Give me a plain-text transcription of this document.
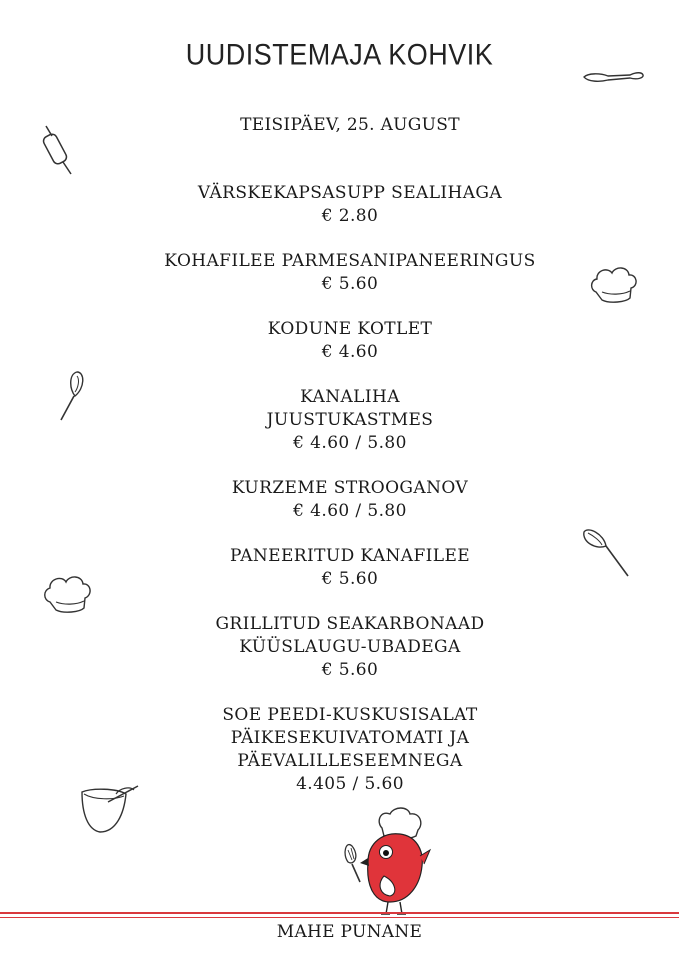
UUDISTEMAJA KOHVIK
TEISIPÄEV, 25. AUGUST
VÄRSKEKAPSASUPP SEALIHAGA
€ 2.80
KOHAFILEE PARMESANIPANEERINGUS
€ 5.60
KODUNE KOTLET
€ 4.60
KANALIHA
JUUSTUKASTMES
€ 4.60 / 5.80
KURZEME STROOGANOV
€ 4.60 / 5.80
PANEERITUD KANAFILEE
€ 5.60
GRILLITUD SEAKARBONAAD
KÜÜSLAUGU-UBADEGA
€ 5.60
SOE PEEDI-KUSKUSISALAT
PÄIKESEKUIVATOMATI JA
PÄEVALILLESEEMNEGA
4.405 / 5.60
MAHE PUNANE
